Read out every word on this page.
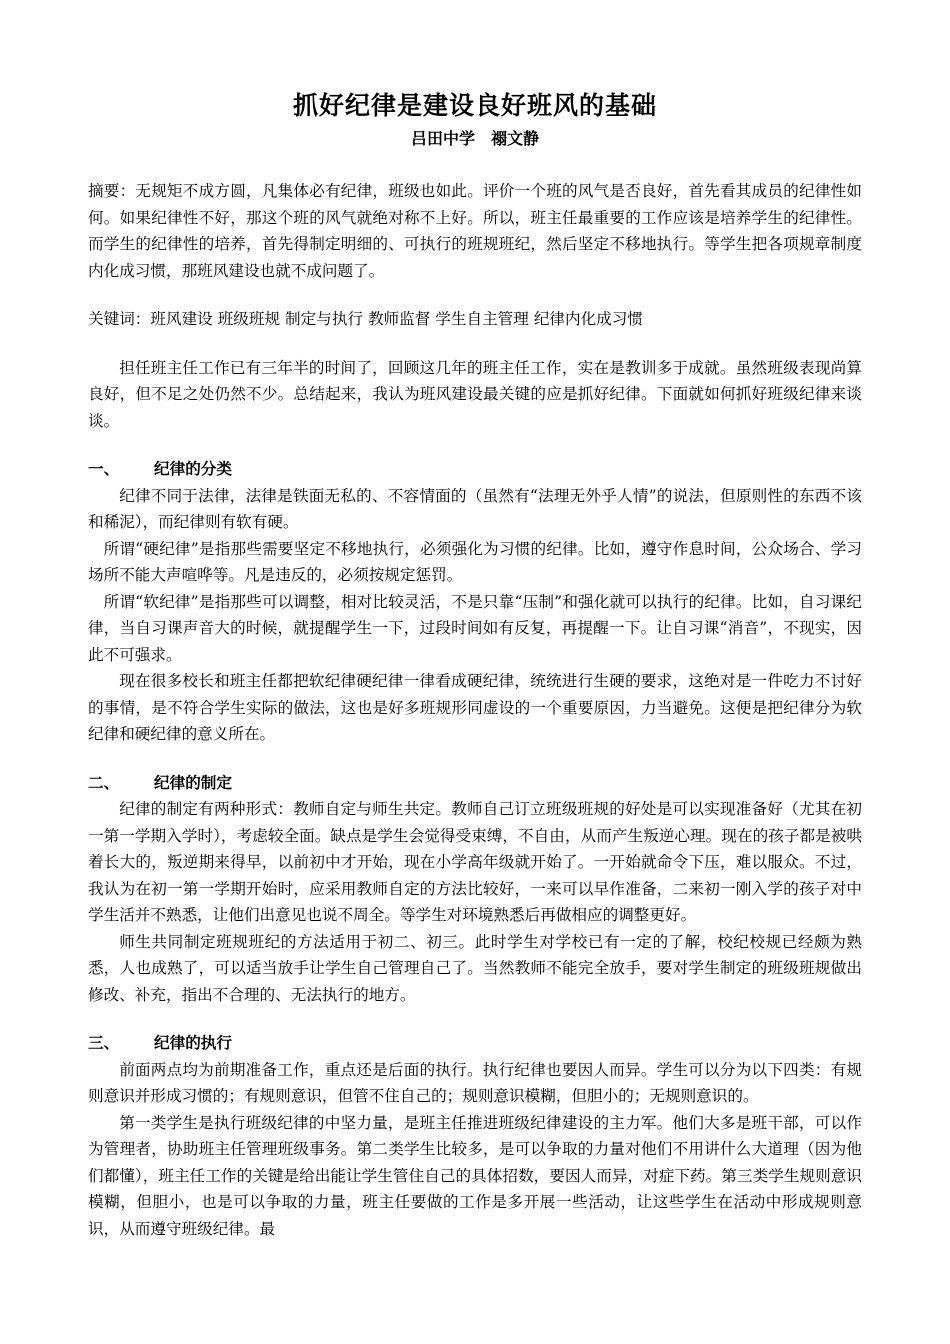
抓好纪律是建设良好班风的基础
吕田中学　禤文静

摘要：无规矩不成方圆，凡集体必有纪律，班级也如此。评价一个班的风气是否良好，首先看其成员的纪律性如何。如果纪律性不好，那这个班的风气就绝对称不上好。所以，班主任最重要的工作应该是培养学生的纪律性。而学生的纪律性的培养，首先得制定明细的、可执行的班规班纪，然后坚定不移地执行。等学生把各项规章制度内化成习惯，那班风建设也就不成问题了。

关键词：班风建设 班级班规 制定与执行 教师监督 学生自主管理 纪律内化成习惯

担任班主任工作已有三年半的时间了，回顾这几年的班主任工作，实在是教训多于成就。虽然班级表现尚算良好，但不足之处仍然不少。总结起来，我认为班风建设最关键的应是抓好纪律。下面就如何抓好班级纪律来谈谈。

一、	纪律的分类

纪律不同于法律，法律是铁面无私的、不容情面的（虽然有“法理无外乎人情”的说法，但原则性的东西不该和稀泥），而纪律则有软有硬。

所谓“硬纪律”是指那些需要坚定不移地执行，必须强化为习惯的纪律。比如，遵守作息时间，公众场合、学习场所不能大声喧哗等。凡是违反的，必须按规定惩罚。

所谓“软纪律”是指那些可以调整，相对比较灵活，不是只靠“压制”和强化就可以执行的纪律。比如，自习课纪律，当自习课声音大的时候，就提醒学生一下，过段时间如有反复，再提醒一下。让自习课“消音”，不现实，因此不可强求。

现在很多校长和班主任都把软纪律硬纪律一律看成硬纪律，统统进行生硬的要求，这绝对是一件吃力不讨好的事情，是不符合学生实际的做法，这也是好多班规形同虚设的一个重要原因，力当避免。这便是把纪律分为软纪律和硬纪律的意义所在。

二、	纪律的制定

纪律的制定有两种形式：教师自定与师生共定。教师自己订立班级班规的好处是可以实现准备好（尤其在初一第一学期入学时），考虑较全面。缺点是学生会觉得受束缚，不自由，从而产生叛逆心理。现在的孩子都是被哄着长大的，叛逆期来得早，以前初中才开始，现在小学高年级就开始了。一开始就命令下压，难以服众。不过，我认为在初一第一学期开始时，应采用教师自定的方法比较好，一来可以早作准备，二来初一刚入学的孩子对中学生活并不熟悉，让他们出意见也说不周全。等学生对环境熟悉后再做相应的调整更好。

师生共同制定班规班纪的方法适用于初二、初三。此时学生对学校已有一定的了解，校纪校规已经颇为熟悉，人也成熟了，可以适当放手让学生自己管理自己了。当然教师不能完全放手，要对学生制定的班级班规做出修改、补充，指出不合理的、无法执行的地方。

三、	纪律的执行

前面两点均为前期准备工作，重点还是后面的执行。执行纪律也要因人而异。学生可以分为以下四类：有规则意识并形成习惯的；有规则意识，但管不住自己的；规则意识模糊，但胆小的；无规则意识的。

第一类学生是执行班级纪律的中坚力量，是班主任推进班级纪律建设的主力军。他们大多是班干部，可以作为管理者，协助班主任管理班级事务。第二类学生比较多，是可以争取的力量对他们不用讲什么大道理（因为他们都懂），班主任工作的关键是给出能让学生管住自己的具体招数，要因人而异，对症下药。第三类学生规则意识模糊，但胆小，也是可以争取的力量，班主任要做的工作是多开展一些活动，让这些学生在活动中形成规则意识，从而遵守班级纪律。最
